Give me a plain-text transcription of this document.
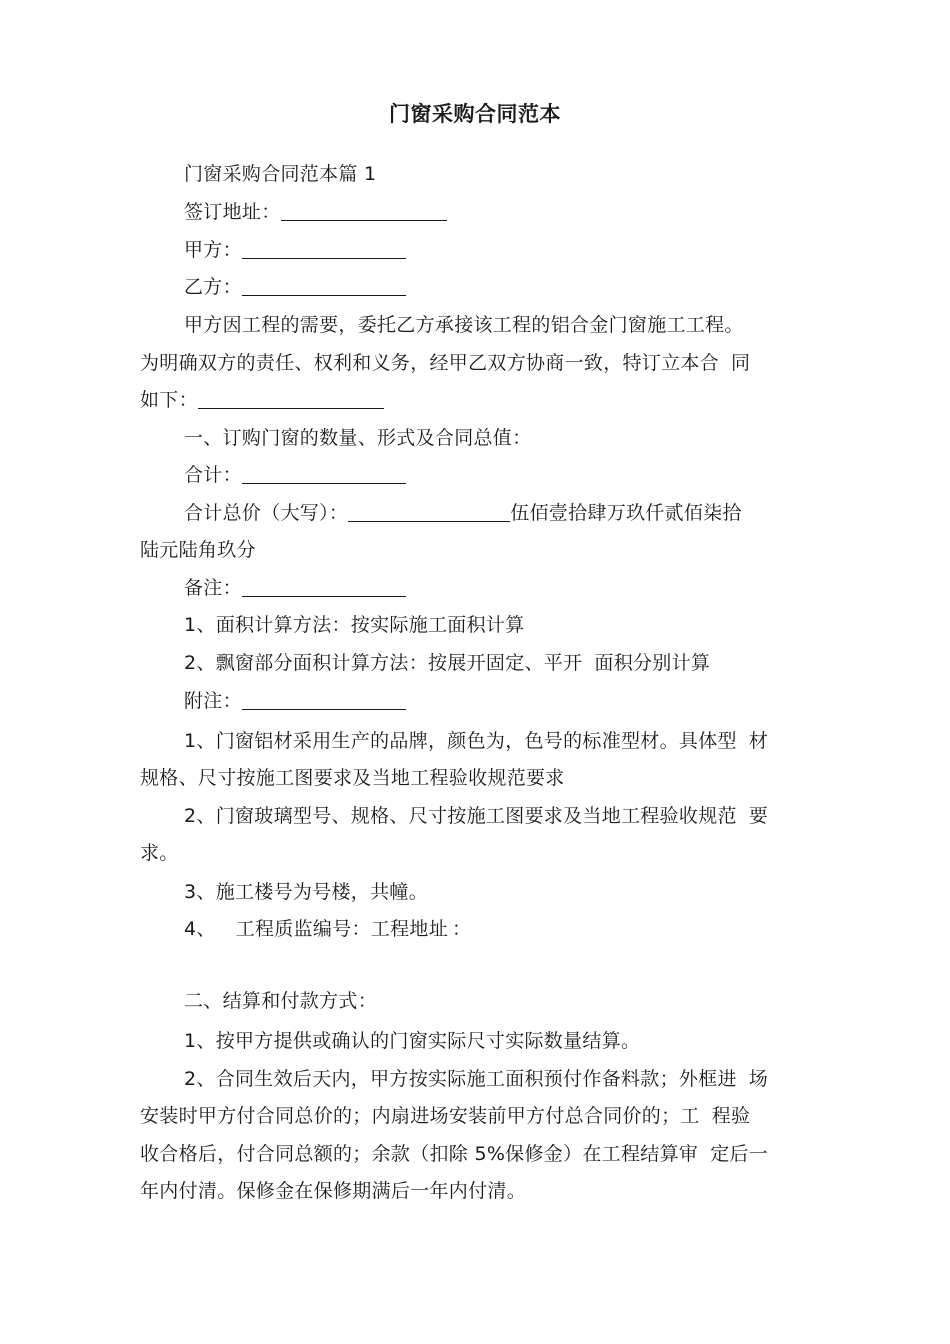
门窗采购合同范本
门窗采购合同范本篇 1
签订地址：
甲方：
乙方：
甲方因工程的需要，委托乙方承接该工程的铝合金门窗施工工程。
为明确双方的责任、权利和义务，经甲乙双方协商一致，特订立本合 同
如下：
一、订购门窗的数量、形式及合同总值：
合计：
合计总价（大写）：	伍佰壹拾肆万玖仟贰佰柒拾
陆元陆角玖分
备注：
1、面积计算方法：按实际施工面积计算
2、飘窗部分面积计算方法：按展开固定、平开 面积分别计算
附注：
1、门窗铝材采用生产的品牌，颜色为，色号的标准型材。具体型 材
规格、尺寸按施工图要求及当地工程验收规范要求
2、门窗玻璃型号、规格、尺寸按施工图要求及当地工程验收规范 要
求。
3、施工楼号为号楼，共幢。
4、 工程质监编号：工程地址 ：
二、结算和付款方式：
1、按甲方提供或确认的门窗实际尺寸实际数量结算。
2、合同生效后天内，甲方按实际施工面积预付作备料款；外框进 场
安装时甲方付合同总价的；内扇进场安装前甲方付总合同价的；工 程验
收合格后，付合同总额的；余款（扣除 5%保修金）在工程结算审 定后一
年内付清。保修金在保修期满后一年内付清。
